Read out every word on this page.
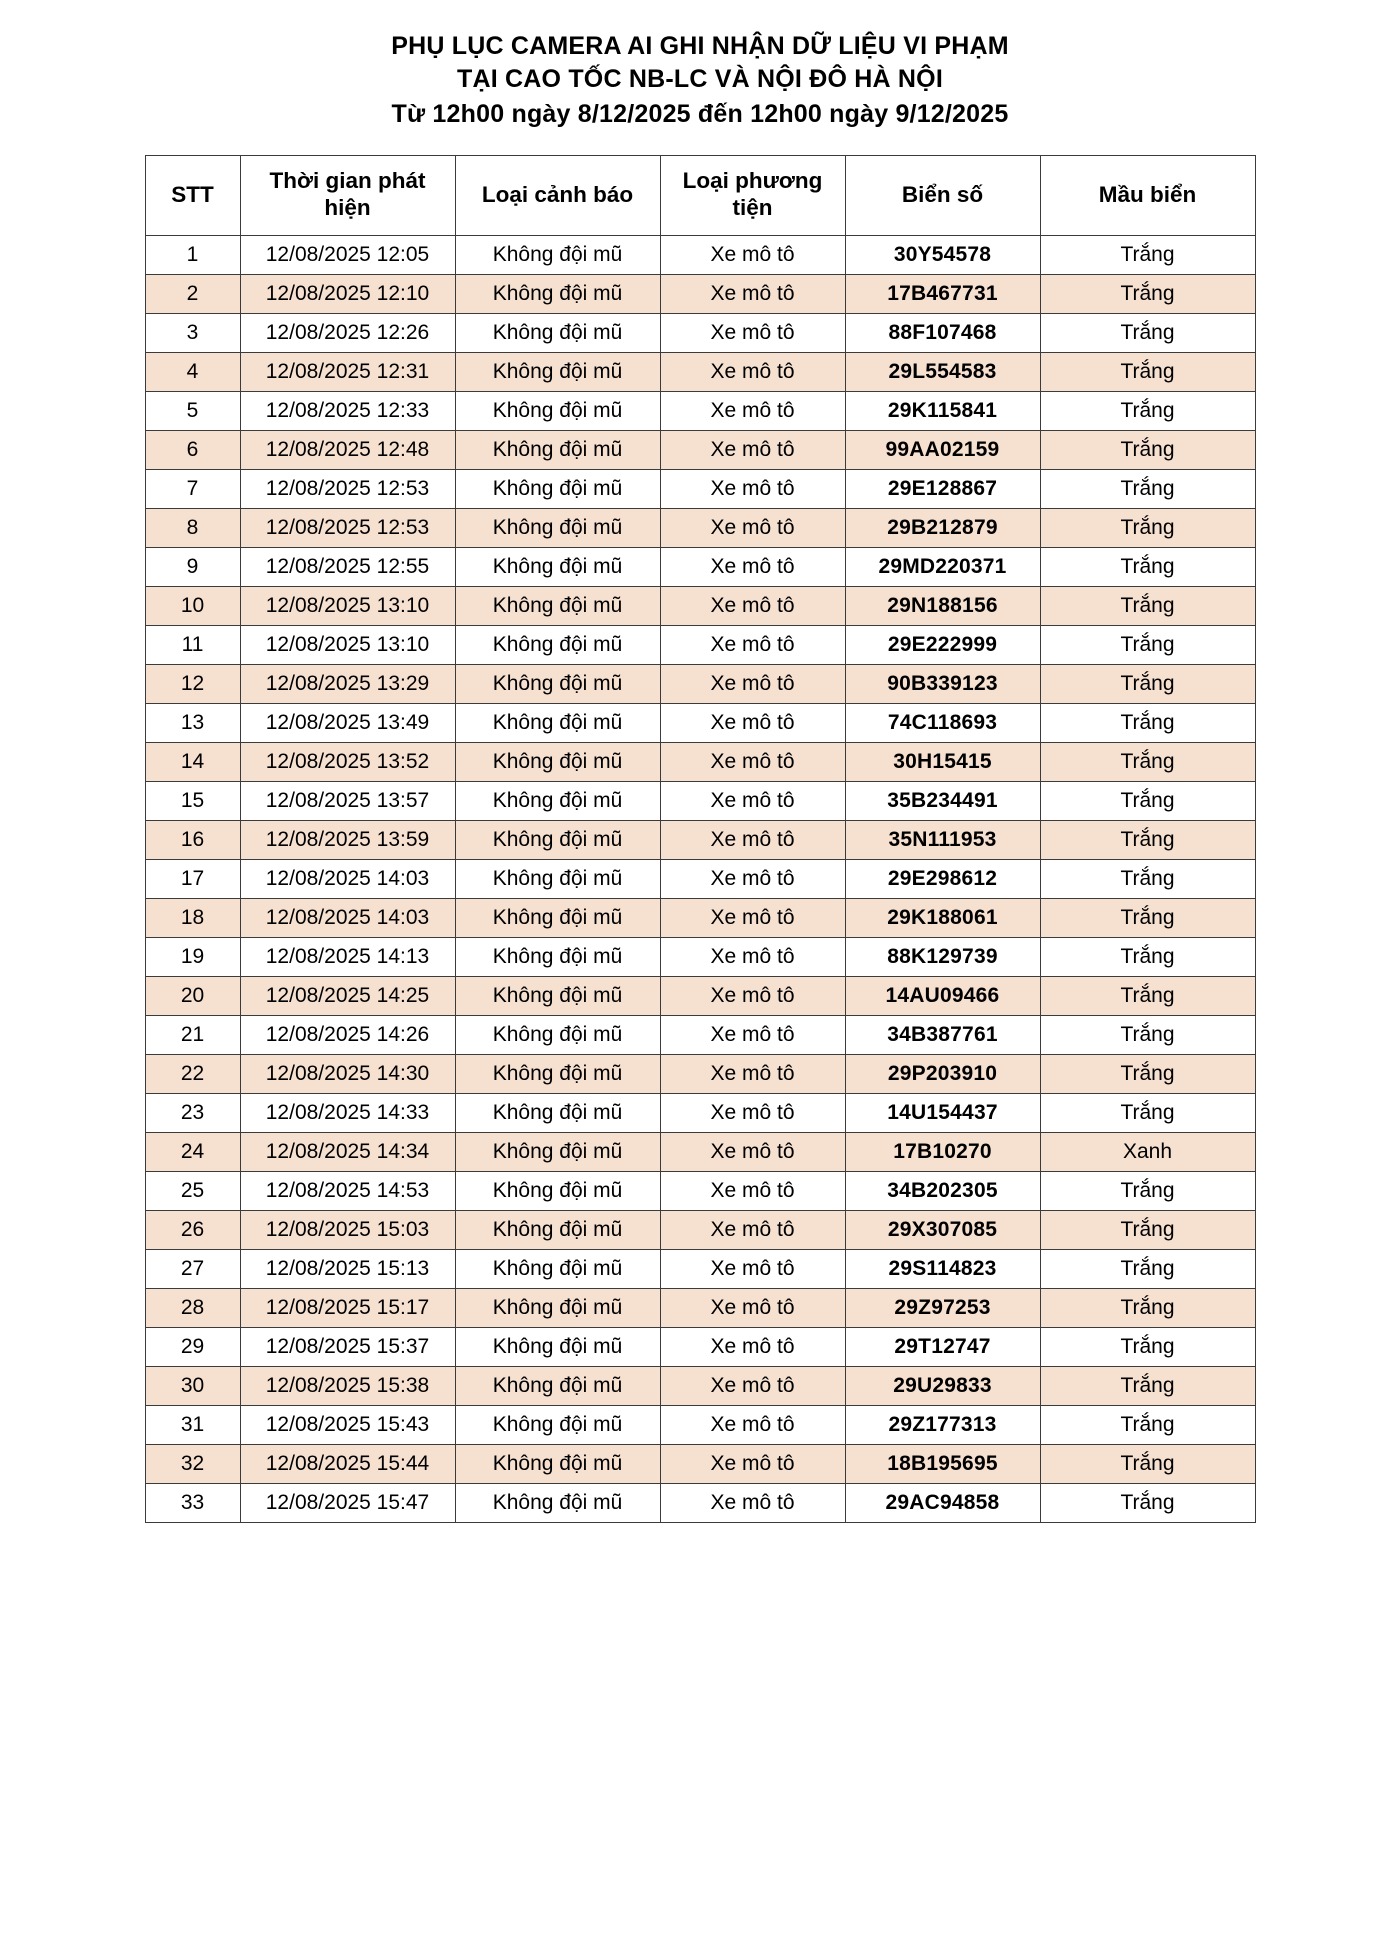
PHỤ LỤC CAMERA AI GHI NHẬN DỮ LIỆU VI PHẠM
TẠI CAO TỐC NB-LC VÀ NỘI ĐÔ HÀ NỘI
Từ 12h00 ngày 8/12/2025 đến 12h00 ngày 9/12/2025
STT	Thời gian phát hiện	Loại cảnh báo	Loại phương tiện	Biển số	Mầu biển
1	12/08/2025 12:05	Không đội mũ	Xe mô tô	30Y54578	Trắng
2	12/08/2025 12:10	Không đội mũ	Xe mô tô	17B467731	Trắng
3	12/08/2025 12:26	Không đội mũ	Xe mô tô	88F107468	Trắng
4	12/08/2025 12:31	Không đội mũ	Xe mô tô	29L554583	Trắng
5	12/08/2025 12:33	Không đội mũ	Xe mô tô	29K115841	Trắng
6	12/08/2025 12:48	Không đội mũ	Xe mô tô	99AA02159	Trắng
7	12/08/2025 12:53	Không đội mũ	Xe mô tô	29E128867	Trắng
8	12/08/2025 12:53	Không đội mũ	Xe mô tô	29B212879	Trắng
9	12/08/2025 12:55	Không đội mũ	Xe mô tô	29MD220371	Trắng
10	12/08/2025 13:10	Không đội mũ	Xe mô tô	29N188156	Trắng
11	12/08/2025 13:10	Không đội mũ	Xe mô tô	29E222999	Trắng
12	12/08/2025 13:29	Không đội mũ	Xe mô tô	90B339123	Trắng
13	12/08/2025 13:49	Không đội mũ	Xe mô tô	74C118693	Trắng
14	12/08/2025 13:52	Không đội mũ	Xe mô tô	30H15415	Trắng
15	12/08/2025 13:57	Không đội mũ	Xe mô tô	35B234491	Trắng
16	12/08/2025 13:59	Không đội mũ	Xe mô tô	35N111953	Trắng
17	12/08/2025 14:03	Không đội mũ	Xe mô tô	29E298612	Trắng
18	12/08/2025 14:03	Không đội mũ	Xe mô tô	29K188061	Trắng
19	12/08/2025 14:13	Không đội mũ	Xe mô tô	88K129739	Trắng
20	12/08/2025 14:25	Không đội mũ	Xe mô tô	14AU09466	Trắng
21	12/08/2025 14:26	Không đội mũ	Xe mô tô	34B387761	Trắng
22	12/08/2025 14:30	Không đội mũ	Xe mô tô	29P203910	Trắng
23	12/08/2025 14:33	Không đội mũ	Xe mô tô	14U154437	Trắng
24	12/08/2025 14:34	Không đội mũ	Xe mô tô	17B10270	Xanh
25	12/08/2025 14:53	Không đội mũ	Xe mô tô	34B202305	Trắng
26	12/08/2025 15:03	Không đội mũ	Xe mô tô	29X307085	Trắng
27	12/08/2025 15:13	Không đội mũ	Xe mô tô	29S114823	Trắng
28	12/08/2025 15:17	Không đội mũ	Xe mô tô	29Z97253	Trắng
29	12/08/2025 15:37	Không đội mũ	Xe mô tô	29T12747	Trắng
30	12/08/2025 15:38	Không đội mũ	Xe mô tô	29U29833	Trắng
31	12/08/2025 15:43	Không đội mũ	Xe mô tô	29Z177313	Trắng
32	12/08/2025 15:44	Không đội mũ	Xe mô tô	18B195695	Trắng
33	12/08/2025 15:47	Không đội mũ	Xe mô tô	29AC94858	Trắng
